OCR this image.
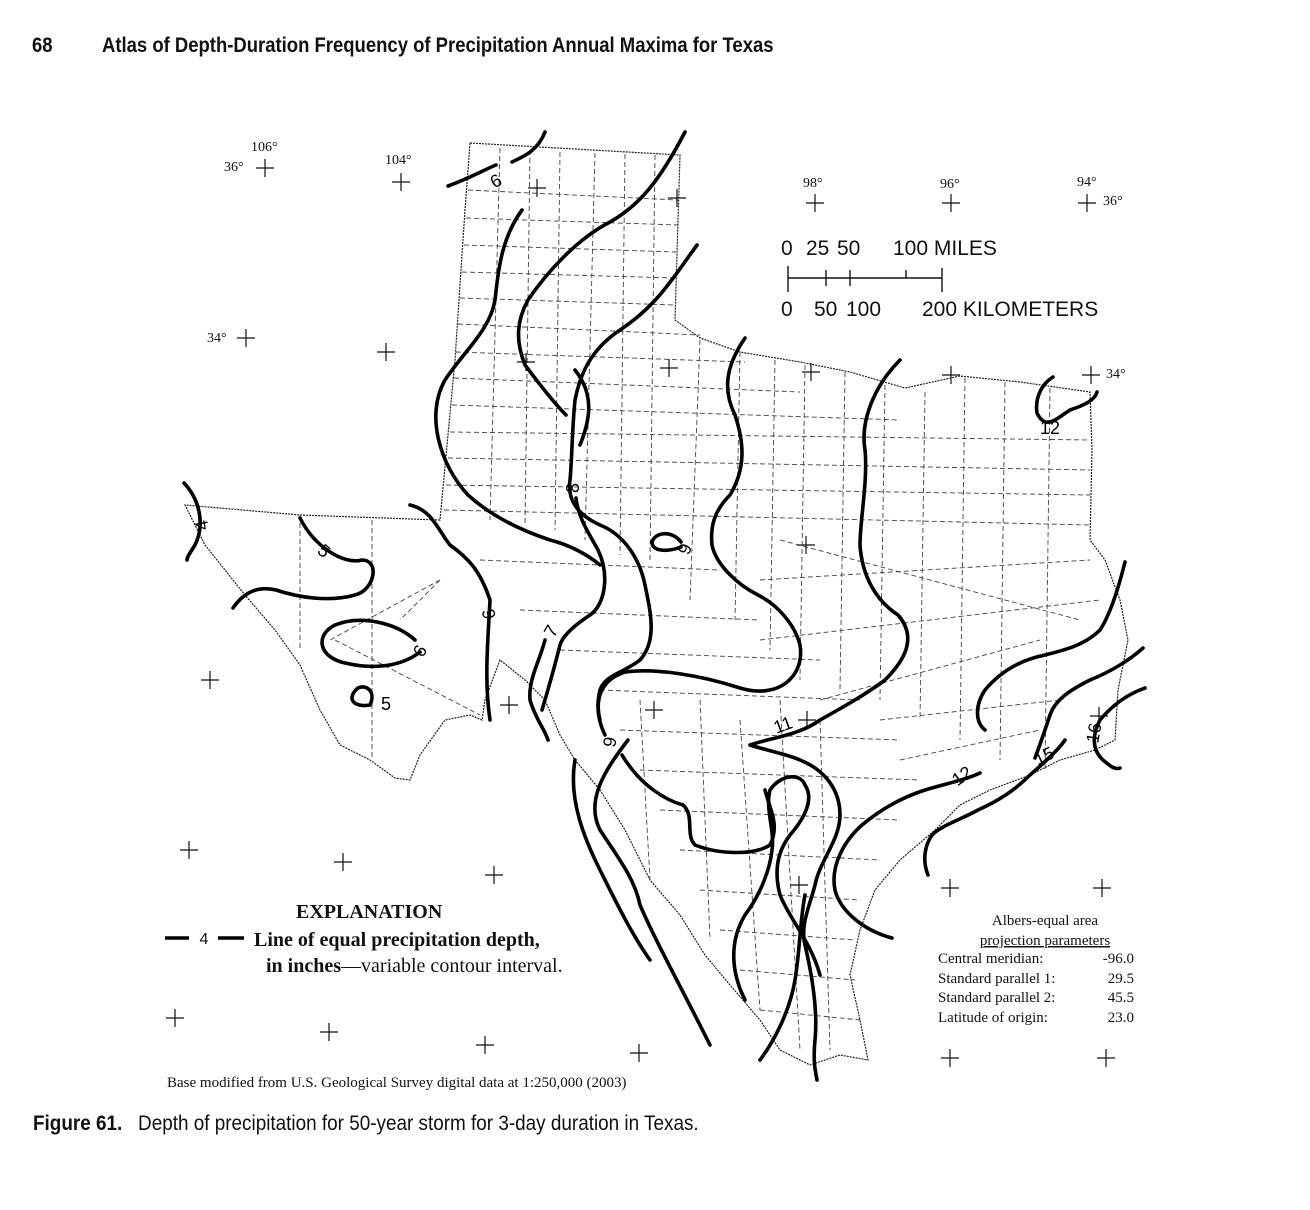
68 Atlas of Depth-Duration Frequency of Precipitation Annual Maxima for Texas
106°
104°
98°	96°	94°
36°
34°
36°
34°
0 25 50 100 MILES
0 50 100 200 KILOMETERS
4
5
5
6
6
6
7
8
9
9
11
12
12
15
16
EXPLANATION
4 Line of equal precipitation depth,
in inches—variable contour interval.
Albers-equal area
projection parameters
Central meridian:	-96.0
Standard parallel 1:	29.5
Standard parallel 2:	45.5
Latitude of origin:	23.0
Base modified from U.S. Geological Survey digital data at 1:250,000 (2003)
Figure 61. Depth of precipitation for 50-year storm for 3-day duration in Texas.
